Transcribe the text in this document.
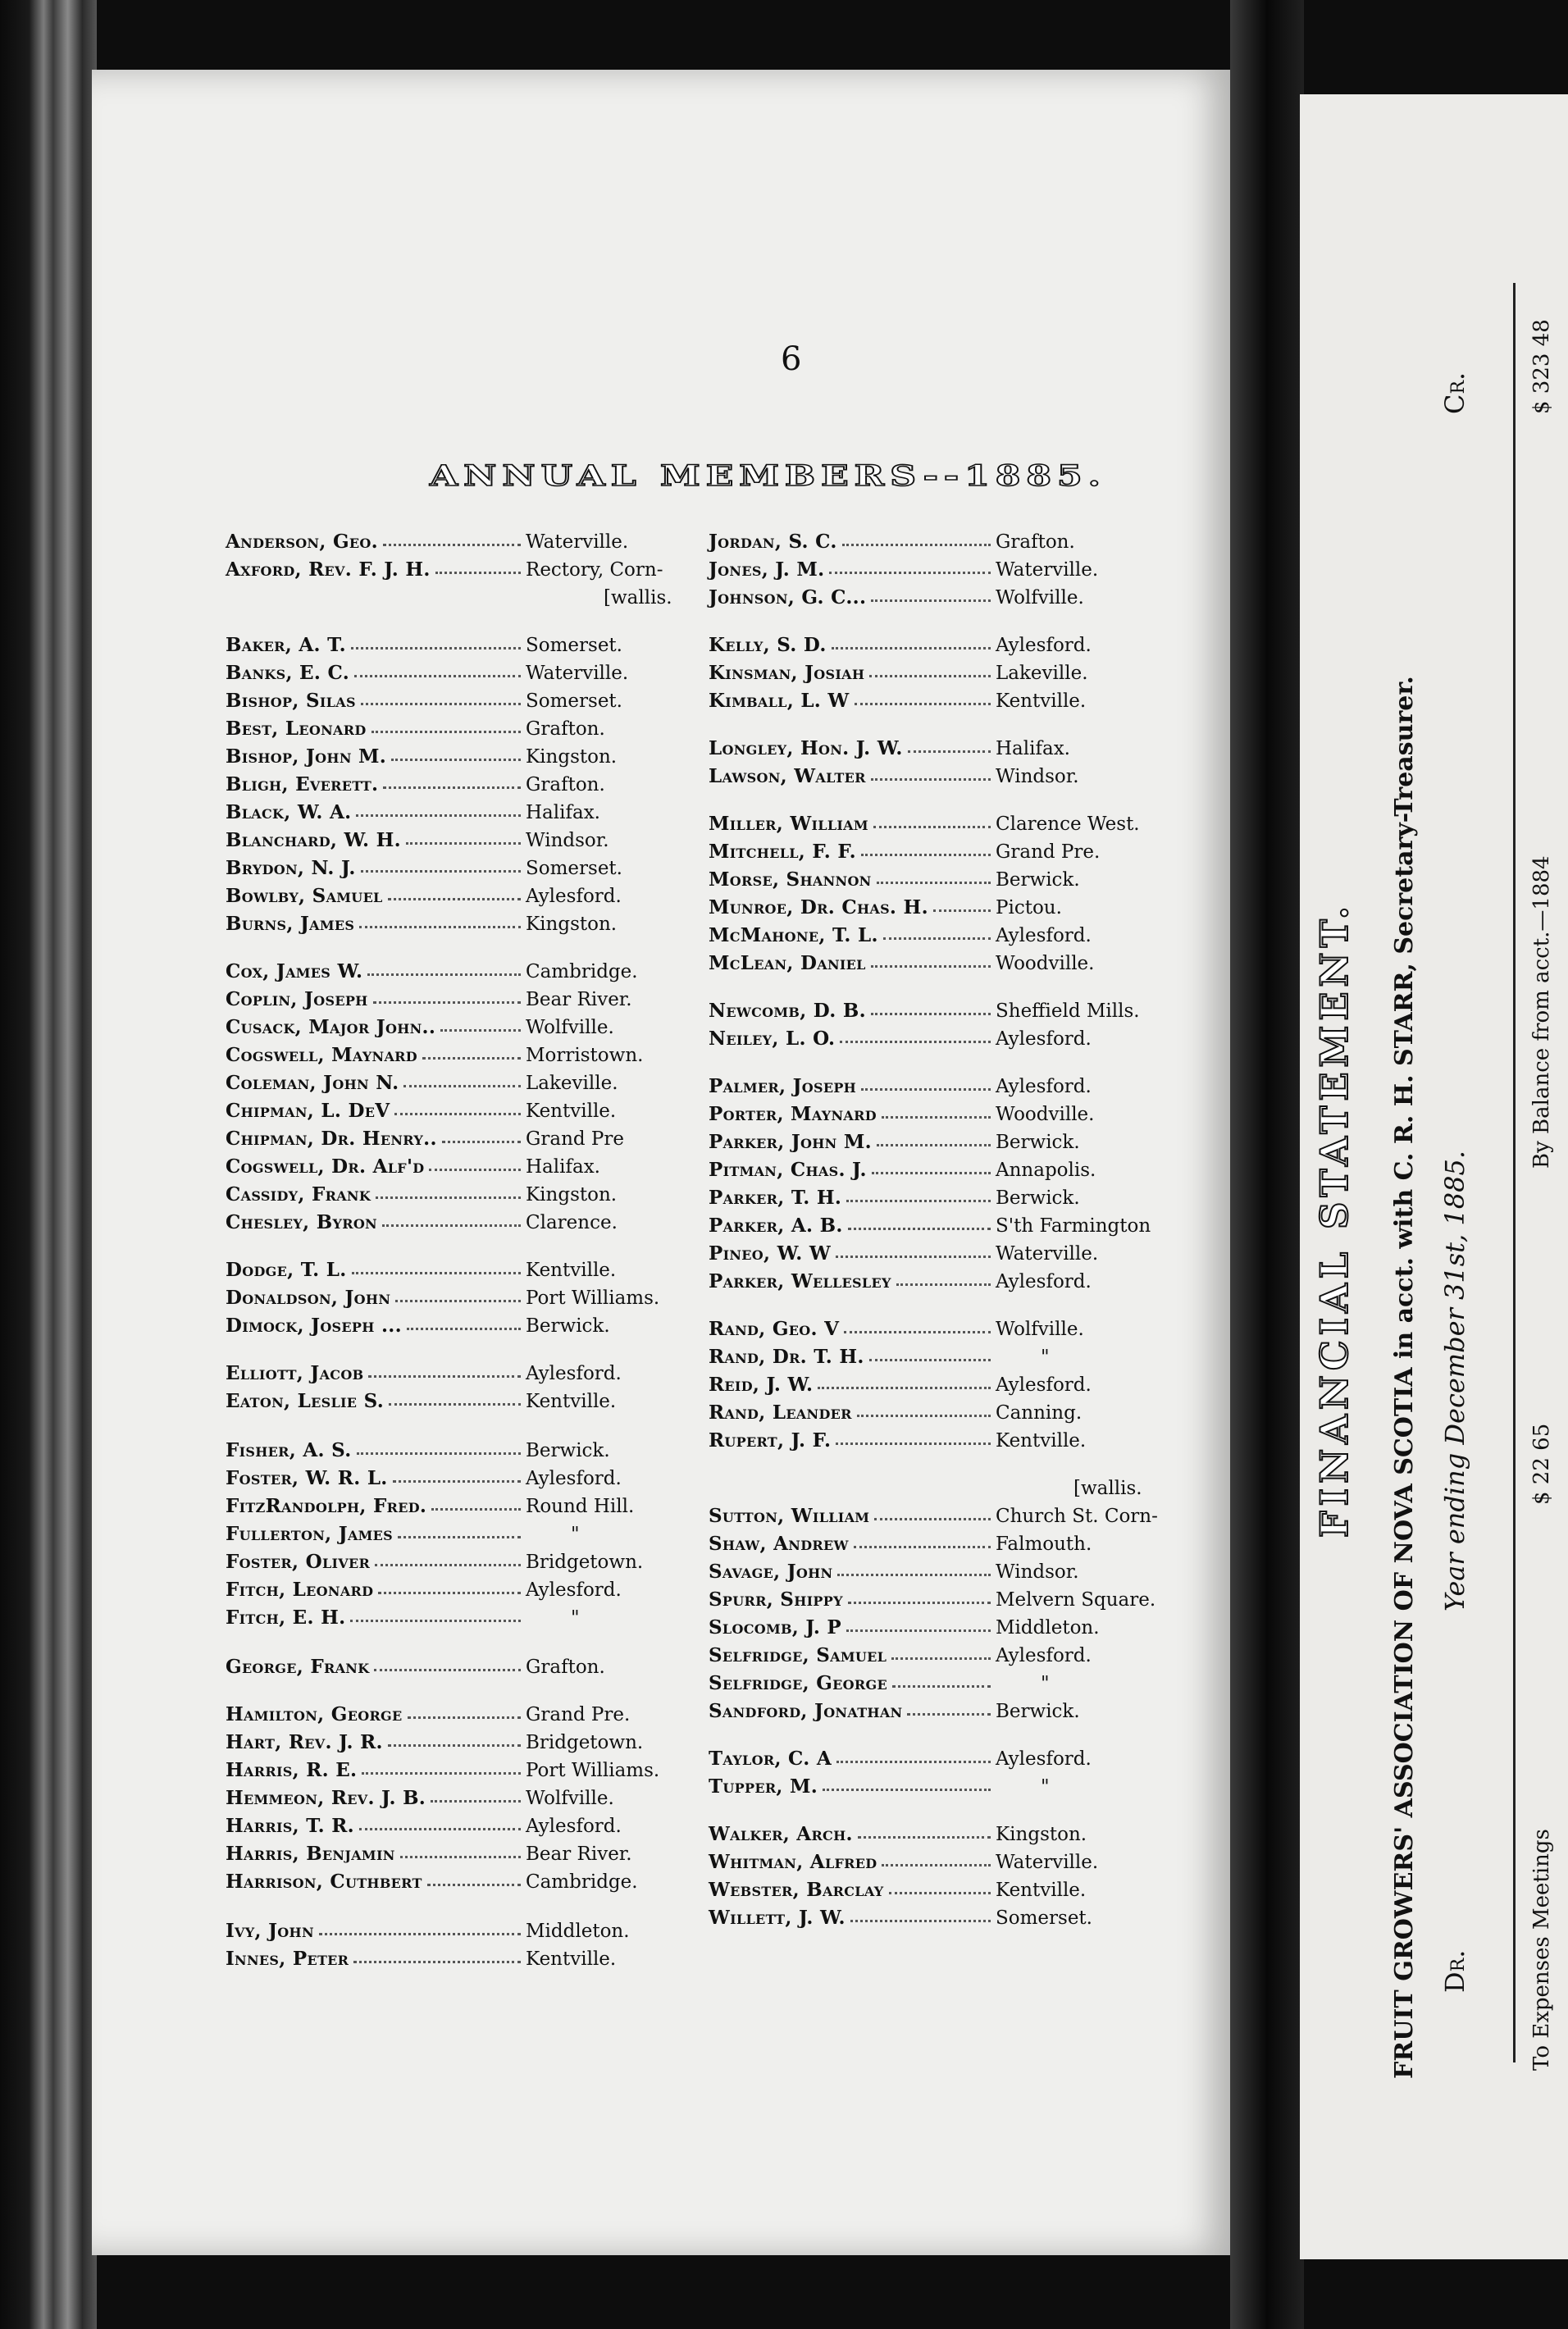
6
ANNUAL MEMBERS--1885.
Anderson, Geo.	Waterville.
Axford, Rev. F. J. H.	Rectory, Corn-
[wallis.
Baker, A. T.	Somerset.
Banks, E. C.	Waterville.
Bishop, Silas	Somerset.
Best, Leonard	Grafton.
Bishop, John M.	Kingston.
Bligh, Everett.	Grafton.
Black, W. A.	Halifax.
Blanchard, W. H.	Windsor.
Brydon, N. J.	Somerset.
Bowlby, Samuel	Aylesford.
Burns, James	Kingston.
Cox, James W.	Cambridge.
Coplin, Joseph	Bear River.
Cusack, Major John..	Wolfville.
Cogswell, Maynard	Morristown.
Coleman, John N.	Lakeville.
Chipman, L. DeV	Kentville.
Chipman, Dr. Henry..	Grand Pre
Cogswell, Dr. Alf'd	Halifax.
Cassidy, Frank	Kingston.
Chesley, Byron	Clarence.
Dodge, T. L.	Kentville.
Donaldson, John	Port Williams.
Dimock, Joseph ...	Berwick.
Elliott, Jacob	Aylesford.
Eaton, Leslie S.	Kentville.
Fisher, A. S.	Berwick.
Foster, W. R. L.	Aylesford.
FitzRandolph, Fred.	Round Hill.
Fullerton, James	"
Foster, Oliver	Bridgetown.
Fitch, Leonard	Aylesford.
Fitch, E. H.	"
George, Frank	Grafton.
Hamilton, George	Grand Pre.
Hart, Rev. J. R.	Bridgetown.
Harris, R. E.	Port Williams.
Hemmeon, Rev. J. B.	Wolfville.
Harris, T. R.	Aylesford.
Harris, Benjamin	Bear River.
Harrison, Cuthbert	Cambridge.
Ivy, John	Middleton.
Innes, Peter	Kentville.
Jordan, S. C.	Grafton.
Jones, J. M.	Waterville.
Johnson, G. C...	Wolfville.
Kelly, S. D.	Aylesford.
Kinsman, Josiah	Lakeville.
Kimball, L. W	Kentville.
Longley, Hon. J. W.	Halifax.
Lawson, Walter	Windsor.
Miller, William	Clarence West.
Mitchell, F. F.	Grand Pre.
Morse, Shannon	Berwick.
Munroe, Dr. Chas. H.	Pictou.
McMahone, T. L.	Aylesford.
McLean, Daniel	Woodville.
Newcomb, D. B.	Sheffield Mills.
Neiley, L. O.	Aylesford.
Palmer, Joseph	Aylesford.
Porter, Maynard	Woodville.
Parker, John M.	Berwick.
Pitman, Chas. J.	Annapolis.
Parker, T. H.	Berwick.
Parker, A. B.	S'th Farmington
Pineo, W. W	Waterville.
Parker, Wellesley	Aylesford.
Rand, Geo. V	Wolfville.
Rand, Dr. T. H.	"
Reid, J. W.	Aylesford.
Rand, Leander	Canning.
Rupert, J. F.	Kentville.
[wallis.
Sutton, William	Church St. Corn-
Shaw, Andrew	Falmouth.
Savage, John	Windsor.
Spurr, Shippy	Melvern Square.
Slocomb, J. P	Middleton.
Selfridge, Samuel	Aylesford.
Selfridge, George	"
Sandford, Jonathan	Berwick.
Taylor, C. A	Aylesford.
Tupper, M.	"
Walker, Arch.	Kingston.
Whitman, Alfred	Waterville.
Webster, Barclay	Kentville.
Willett, J. W.	Somerset.
FINANCIAL STATEMENT. FRUIT GROWERS' ASSOCIATION OF NOVA SCOTIA in acct. with C. R. H. STARR, Secretary-Treasurer. Dr.
Year ending December 31st, 1885.
Cr.
To Expenses Meetings
$ 22 65
By Balance from acct.—1884
$ 323 48
